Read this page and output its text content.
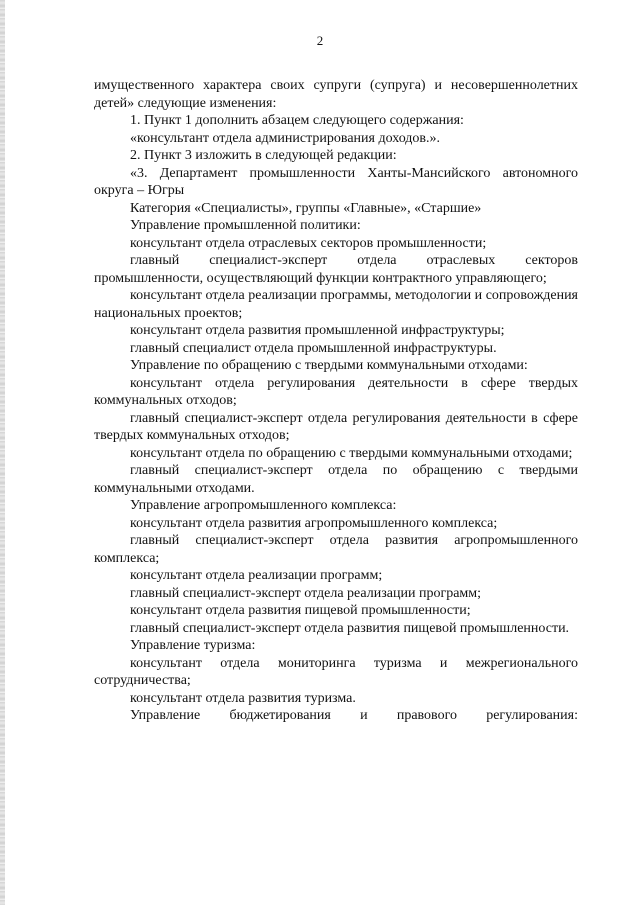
2

имущественного характера своих супруги (супруга) и несовершеннолетних детей» следующие изменения:

1. Пункт 1 дополнить абзацем следующего содержания:

«консультант отдела администрирования доходов.».

2. Пункт 3 изложить в следующей редакции:

«3. Департамент промышленности Ханты-Мансийского автономного округа – Югры

Категория «Специалисты», группы «Главные», «Старшие»

Управление промышленной политики:

консультант отдела отраслевых секторов промышленности;

главный специалист-эксперт отдела отраслевых секторов промышленности, осуществляющий функции контрактного управляющего;

консультант отдела реализации программы, методологии и сопровождения национальных проектов;

консультант отдела развития промышленной инфраструктуры;

главный специалист отдела промышленной инфраструктуры.

Управление по обращению с твердыми коммунальными отходами:

консультант отдела регулирования деятельности в сфере твердых коммунальных отходов;

главный специалист-эксперт отдела регулирования деятельности в сфере твердых коммунальных отходов;

консультант отдела по обращению с твердыми коммунальными отходами;

главный специалист-эксперт отдела по обращению с твердыми коммунальными отходами.

Управление агропромышленного комплекса:

консультант отдела развития агропромышленного комплекса;

главный специалист-эксперт отдела развития агропромышленного комплекса;

консультант отдела реализации программ;

главный специалист-эксперт отдела реализации программ;

консультант отдела развития пищевой промышленности;

главный специалист-эксперт отдела развития пищевой промышленности.

Управление туризма:

консультант отдела мониторинга туризма и межрегионального сотрудничества;

консультант отдела развития туризма.

Управление бюджетирования и правового регулирования:
